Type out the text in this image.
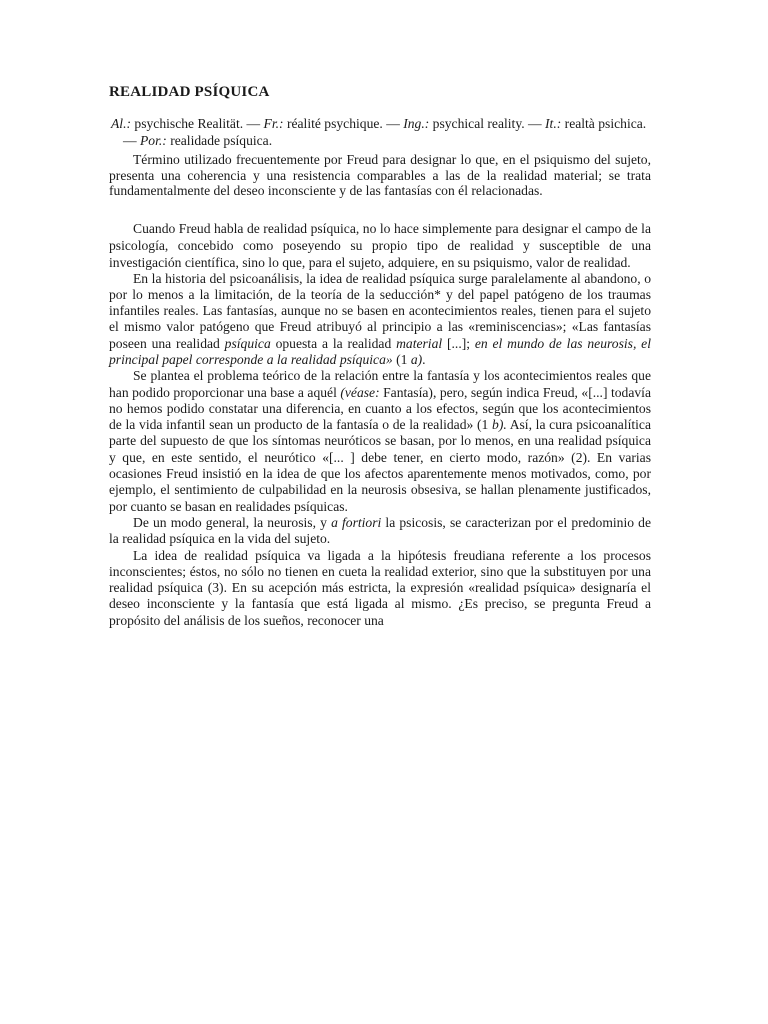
REALIDAD PSÍQUICA

Al.: psychische Realität. — Fr.: réalité psychique. — Ing.: psychical reality. — It.: realtà psichica. — Por.: realidade psíquica.

Término utilizado frecuentemente por Freud para designar lo que, en el psiquismo del sujeto, presenta una coherencia y una resistencia comparables a las de la realidad material; se trata fundamentalmente del deseo inconsciente y de las fantasías con él relacionadas.

Cuando Freud habla de realidad psíquica, no lo hace simplemente para designar el campo de la psicología, concebido como poseyendo su propio tipo de realidad y susceptible de una investigación científica, sino lo que, para el sujeto, adquiere, en su psiquismo, valor de realidad.

En la historia del psicoanálisis, la idea de realidad psíquica surge paralelamente al abandono, o por lo menos a la limitación, de la teoría de la seducción* y del papel patógeno de los traumas infantiles reales. Las fantasías, aunque no se basen en acontecimientos reales, tienen para el sujeto el mismo valor patógeno que Freud atribuyó al principio a las «reminiscencias»; «Las fantasías poseen una realidad psíquica opuesta a la realidad material [...]; en el mundo de las neurosis, el principal papel corresponde a la realidad psíquica» (1 a).

Se plantea el problema teórico de la relación entre la fantasía y los acontecimientos reales que han podido proporcionar una base a aquél (véase: Fantasía), pero, según indica Freud, «[...] todavía no hemos podido constatar una diferencia, en cuanto a los efectos, según que los acontecimientos de la vida infantil sean un producto de la fantasía o de la realidad» (1 b). Así, la cura psicoanalítica parte del supuesto de que los síntomas neuróticos se basan, por lo menos, en una realidad psíquica y que, en este sentido, el neurótico «[... ] debe tener, en cierto modo, razón» (2). En varias ocasiones Freud insistió en la idea de que los afectos aparentemente menos motivados, como, por ejemplo, el sentimiento de culpabilidad en la neurosis obsesiva, se hallan plenamente justificados, por cuanto se basan en realidades psíquicas.

De un modo general, la neurosis, y a fortiori la psicosis, se caracterizan por el predominio de la realidad psíquica en la vida del sujeto.

La idea de realidad psíquica va ligada a la hipótesis freudiana referente a los procesos inconscientes; éstos, no sólo no tienen en cueta la realidad exterior, sino que la substituyen por una realidad psíquica (3). En su acepción más estricta, la expresión «realidad psíquica» designaría el deseo inconsciente y la fantasía que está ligada al mismo. ¿Es preciso, se pregunta Freud a propósito del análisis de los sueños, reconocer una
